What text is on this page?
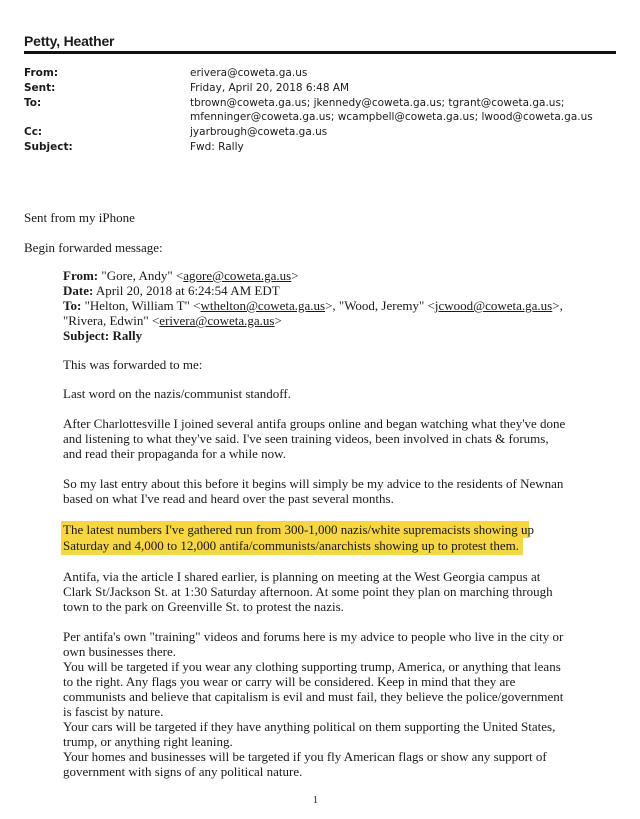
Petty, Heather
From:	erivera@coweta.ga.us
Sent:	Friday, April 20, 2018 6:48 AM
To:	tbrown@coweta.ga.us; jkennedy@coweta.ga.us; tgrant@coweta.ga.us;
mfenninger@coweta.ga.us; wcampbell@coweta.ga.us; lwood@coweta.ga.us
Cc:	jyarbrough@coweta.ga.us
Subject:	Fwd: Rally
Sent from my iPhone
Begin forwarded message:
From: "Gore, Andy" <agore@coweta.ga.us>
Date: April 20, 2018 at 6:24:54 AM EDT
To: "Helton, William T" <wthelton@coweta.ga.us>, "Wood, Jeremy" <jcwood@coweta.ga.us>,
"Rivera, Edwin" <erivera@coweta.ga.us>
Subject: Rally
This was forwarded to me:
Last word on the nazis/communist standoff.
After Charlottesville I joined several antifa groups online and began watching what they've done
and listening to what they've said. I've seen training videos, been involved in chats & forums,
and read their propaganda for a while now.
So my last entry about this before it begins will simply be my advice to the residents of Newnan
based on what I've read and heard over the past several months.
The latest numbers I've gathered run from 300-1,000 nazis/white supremacists showing up
Saturday and 4,000 to 12,000 antifa/communists/anarchists showing up to protest them.
Antifa, via the article I shared earlier, is planning on meeting at the West Georgia campus at
Clark St/Jackson St. at 1:30 Saturday afternoon. At some point they plan on marching through
town to the park on Greenville St. to protest the nazis.
Per antifa's own "training" videos and forums here is my advice to people who live in the city or
own businesses there.
You will be targeted if you wear any clothing supporting trump, America, or anything that leans
to the right. Any flags you wear or carry will be considered. Keep in mind that they are
communists and believe that capitalism is evil and must fail, they believe the police/government
is fascist by nature.
Your cars will be targeted if they have anything political on them supporting the United States,
trump, or anything right leaning.
Your homes and businesses will be targeted if you fly American flags or show any support of
government with signs of any political nature.
1
